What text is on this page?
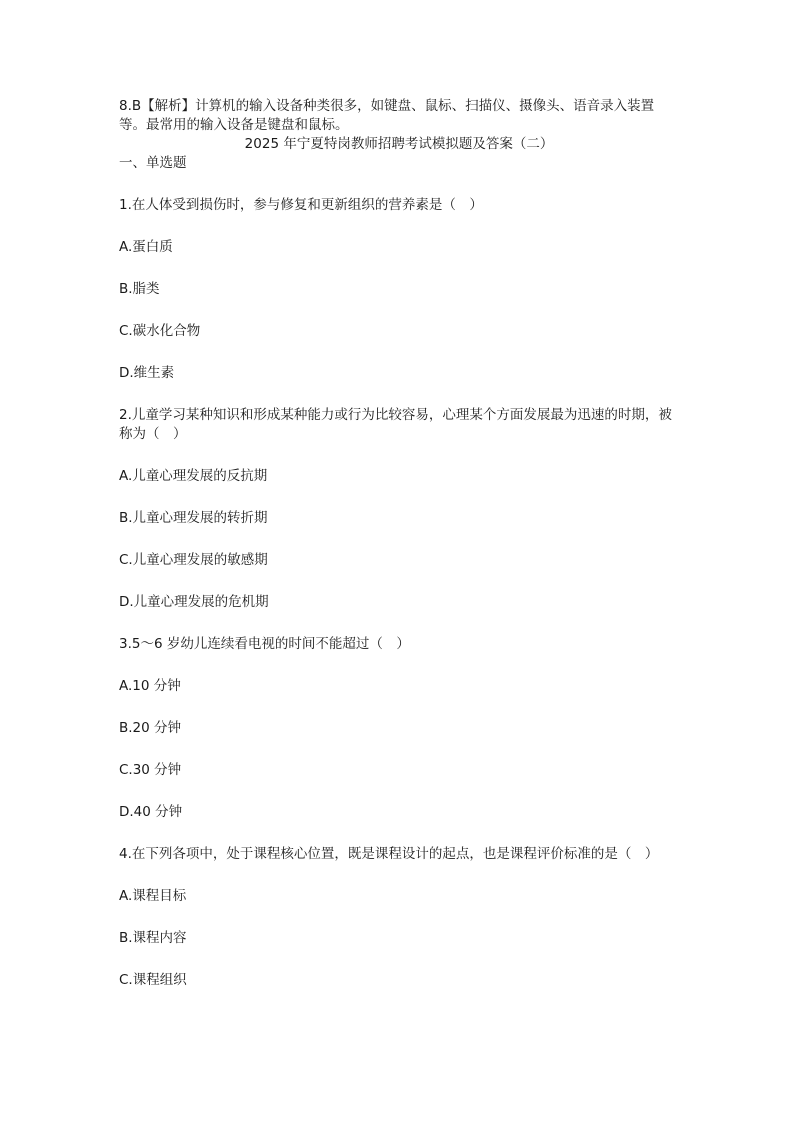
8.B【解析】计算机的输入设备种类很多，如键盘、鼠标、扫描仪、摄像头、语音录入装置等。最常用的输入设备是键盘和鼠标。

2025 年宁夏特岗教师招聘考试模拟题及答案（二）

一、单选题

1.在人体受到损伤时，参与修复和更新组织的营养素是（　）

A.蛋白质

B.脂类

C.碳水化合物

D.维生素

2.儿童学习某种知识和形成某种能力或行为比较容易，心理某个方面发展最为迅速的时期，被称为（　）

A.儿童心理发展的反抗期

B.儿童心理发展的转折期

C.儿童心理发展的敏感期

D.儿童心理发展的危机期

3.5～6 岁幼儿连续看电视的时间不能超过（　）

A.10 分钟

B.20 分钟

C.30 分钟

D.40 分钟

4.在下列各项中，处于课程核心位置，既是课程设计的起点，也是课程评价标准的是（　）

A.课程目标

B.课程内容

C.课程组织
